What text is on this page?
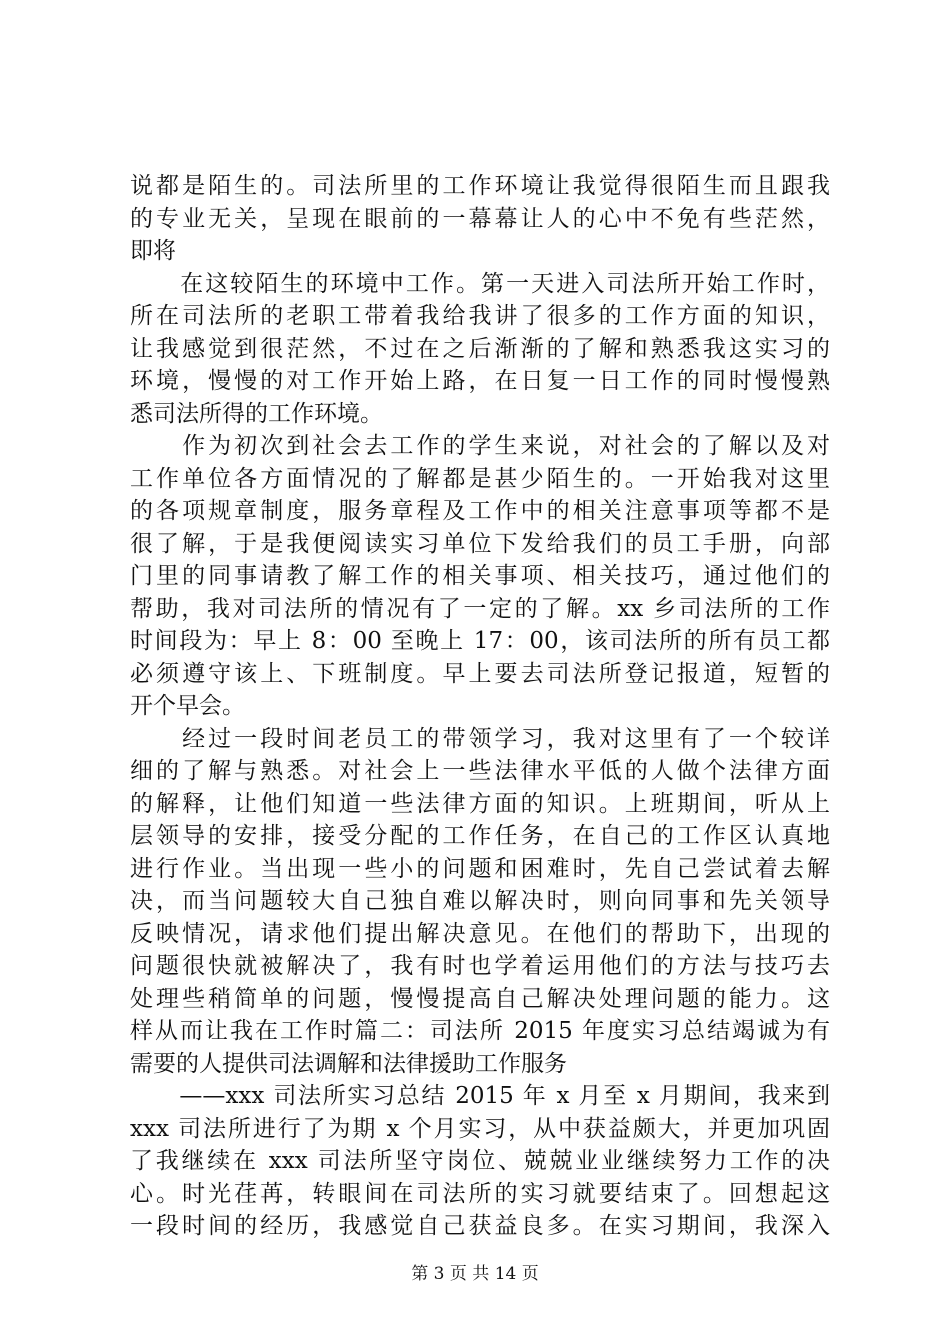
说都是陌生的。司法所里的工作环境让我觉得很陌生而且跟我
的专业无关，呈现在眼前的一幕幕让人的心中不免有些茫然，
即将
　　在这较陌生的环境中工作。第一天进入司法所开始工作时，
所在司法所的老职工带着我给我讲了很多的工作方面的知识，
让我感觉到很茫然，不过在之后渐渐的了解和熟悉我这实习的
环境，慢慢的对工作开始上路，在日复一日工作的同时慢慢熟
悉司法所得的工作环境。
　　作为初次到社会去工作的学生来说，对社会的了解以及对
工作单位各方面情况的了解都是甚少陌生的。一开始我对这里
的各项规章制度，服务章程及工作中的相关注意事项等都不是
很了解，于是我便阅读实习单位下发给我们的员工手册，向部
门里的同事请教了解工作的相关事项、相关技巧，通过他们的
帮助，我对司法所的情况有了一定的了解。xx 乡司法所的工作
时间段为：早上 8：00 至晚上 17：00，该司法所的所有员工都
必须遵守该上、下班制度。早上要去司法所登记报道，短暂的
开个早会。
　　经过一段时间老员工的带领学习，我对这里有了一个较详
细的了解与熟悉。对社会上一些法律水平低的人做个法律方面
的解释，让他们知道一些法律方面的知识。上班期间，听从上
层领导的安排，接受分配的工作任务，在自己的工作区认真地
进行作业。当出现一些小的问题和困难时，先自己尝试着去解
决，而当问题较大自己独自难以解决时，则向同事和先关领导
反映情况，请求他们提出解决意见。在他们的帮助下，出现的
问题很快就被解决了，我有时也学着运用他们的方法与技巧去
处理些稍简单的问题，慢慢提高自己解决处理问题的能力。这
样从而让我在工作时篇二：司法所 2015 年度实习总结竭诚为有
需要的人提供司法调解和法律援助工作服务
　　——xxx 司法所实习总结 2015 年 x 月至 x 月期间，我来到
xxx 司法所进行了为期 x 个月实习，从中获益颇大，并更加巩固
了我继续在 xxx 司法所坚守岗位、兢兢业业继续努力工作的决
心。时光荏苒，转眼间在司法所的实习就要结束了。回想起这
一段时间的经历，我感觉自己获益良多。在实习期间，我深入
第 3 页 共 14 页
